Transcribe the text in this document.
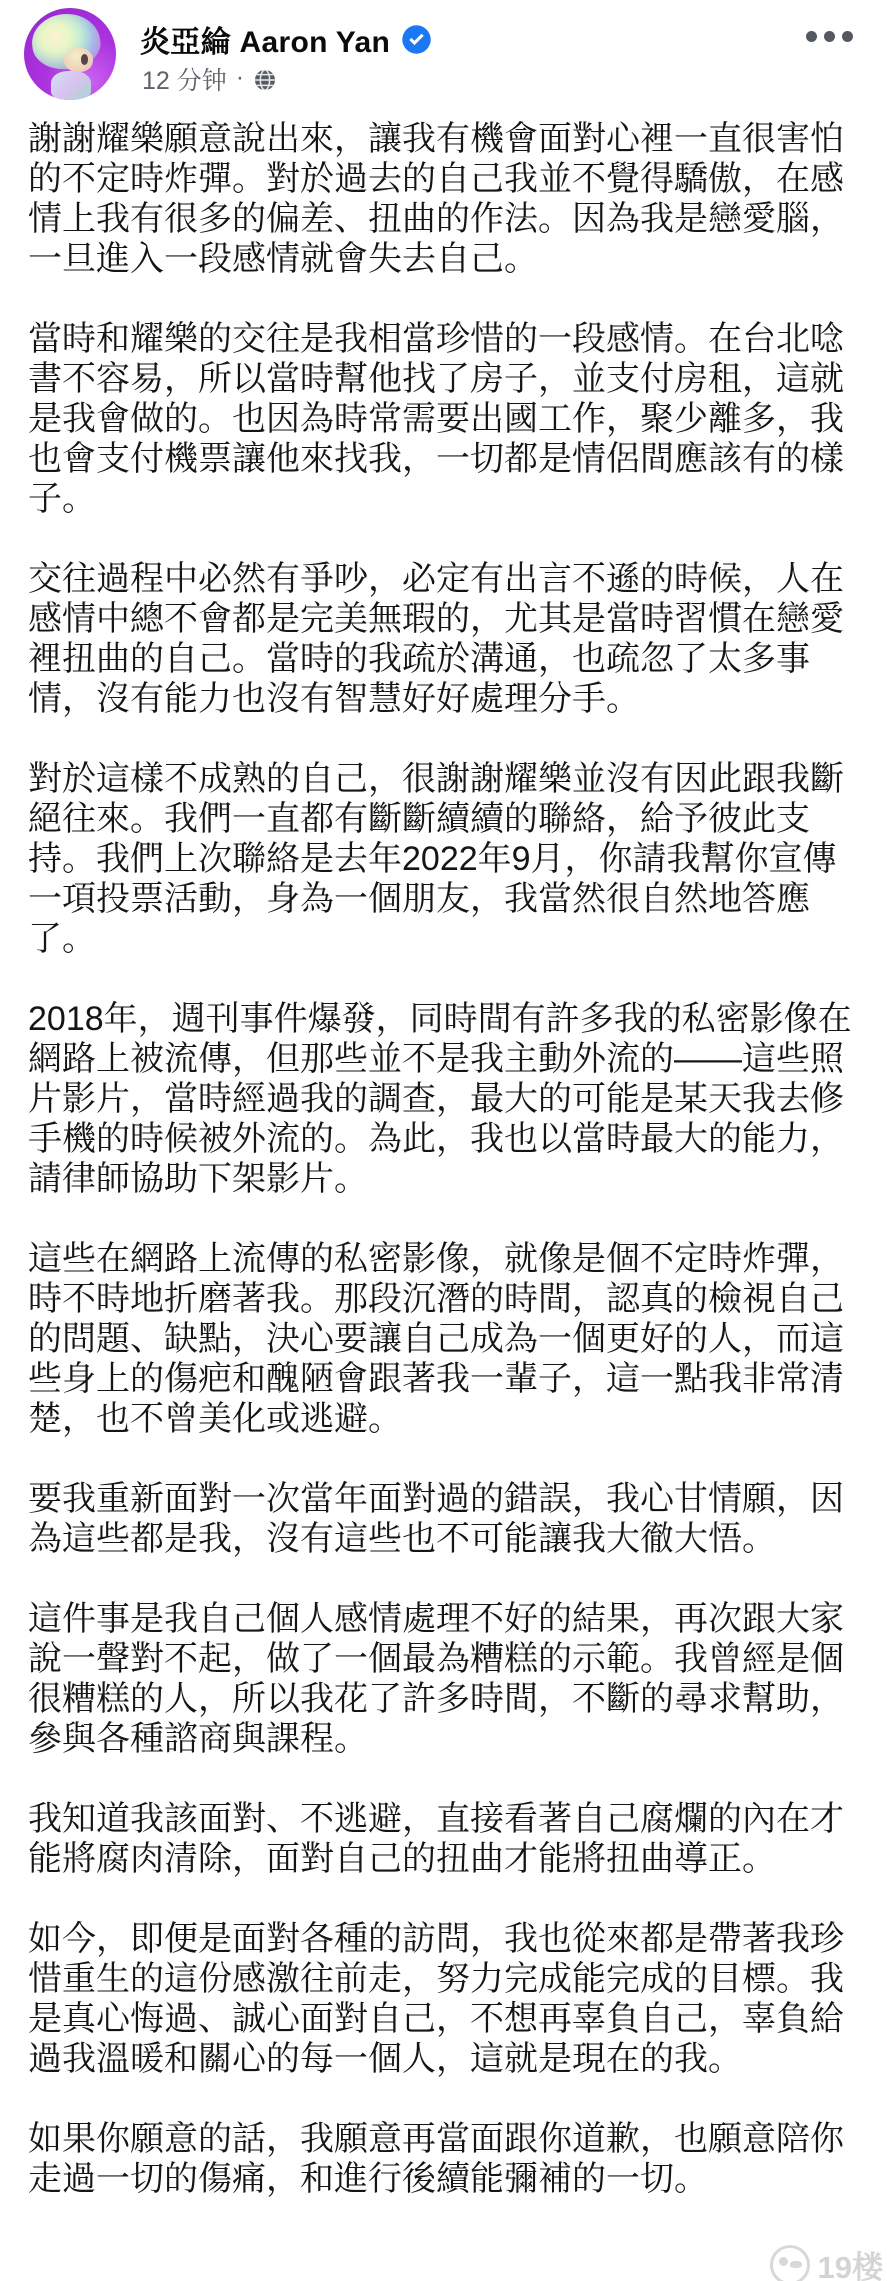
炎亞綸 Aaron Yan
12 分钟 ·

謝謝耀樂願意說出來，讓我有機會面對心裡一直很害怕的不定時炸彈。對於過去的自己我並不覺得驕傲，在感情上我有很多的偏差、扭曲的作法。因為我是戀愛腦，一旦進入一段感情就會失去自己。

當時和耀樂的交往是我相當珍惜的一段感情。在台北唸書不容易，所以當時幫他找了房子，並支付房租，這就是我會做的。也因為時常需要出國工作，聚少離多，我也會支付機票讓他來找我，一切都是情侶間應該有的樣子。

交往過程中必然有爭吵，必定有出言不遜的時候，人在感情中總不會都是完美無瑕的，尤其是當時習慣在戀愛裡扭曲的自己。當時的我疏於溝通，也疏忽了太多事情，沒有能力也沒有智慧好好處理分手。

對於這樣不成熟的自己，很謝謝耀樂並沒有因此跟我斷絕往來。我們一直都有斷斷續續的聯絡，給予彼此支持。我們上次聯絡是去年2022年9月，你請我幫你宣傳一項投票活動，身為一個朋友，我當然很自然地答應了。

2018年，週刊事件爆發，同時間有許多我的私密影像在網路上被流傳，但那些並不是我主動外流的——這些照片影片，當時經過我的調查，最大的可能是某天我去修手機的時候被外流的。為此，我也以當時最大的能力，請律師協助下架影片。

這些在網路上流傳的私密影像，就像是個不定時炸彈，時不時地折磨著我。那段沉潛的時間，認真的檢視自己的問題、缺點，決心要讓自己成為一個更好的人，而這些身上的傷疤和醜陋會跟著我一輩子，這一點我非常清楚，也不曾美化或逃避。

要我重新面對一次當年面對過的錯誤，我心甘情願，因為這些都是我，沒有這些也不可能讓我大徹大悟。

這件事是我自己個人感情處理不好的結果，再次跟大家說一聲對不起，做了一個最為糟糕的示範。我曾經是個很糟糕的人，所以我花了許多時間，不斷的尋求幫助，參與各種諮商與課程。

我知道我該面對、不逃避，直接看著自己腐爛的內在才能將腐肉清除，面對自己的扭曲才能將扭曲導正。

如今，即便是面對各種的訪問，我也從來都是帶著我珍惜重生的這份感激往前走，努力完成能完成的目標。我是真心悔過、誠心面對自己，不想再辜負自己，辜負給過我溫暖和關心的每一個人，這就是現在的我。

如果你願意的話，我願意再當面跟你道歉，也願意陪你走過一切的傷痛，和進行後續能彌補的一切。

19楼
